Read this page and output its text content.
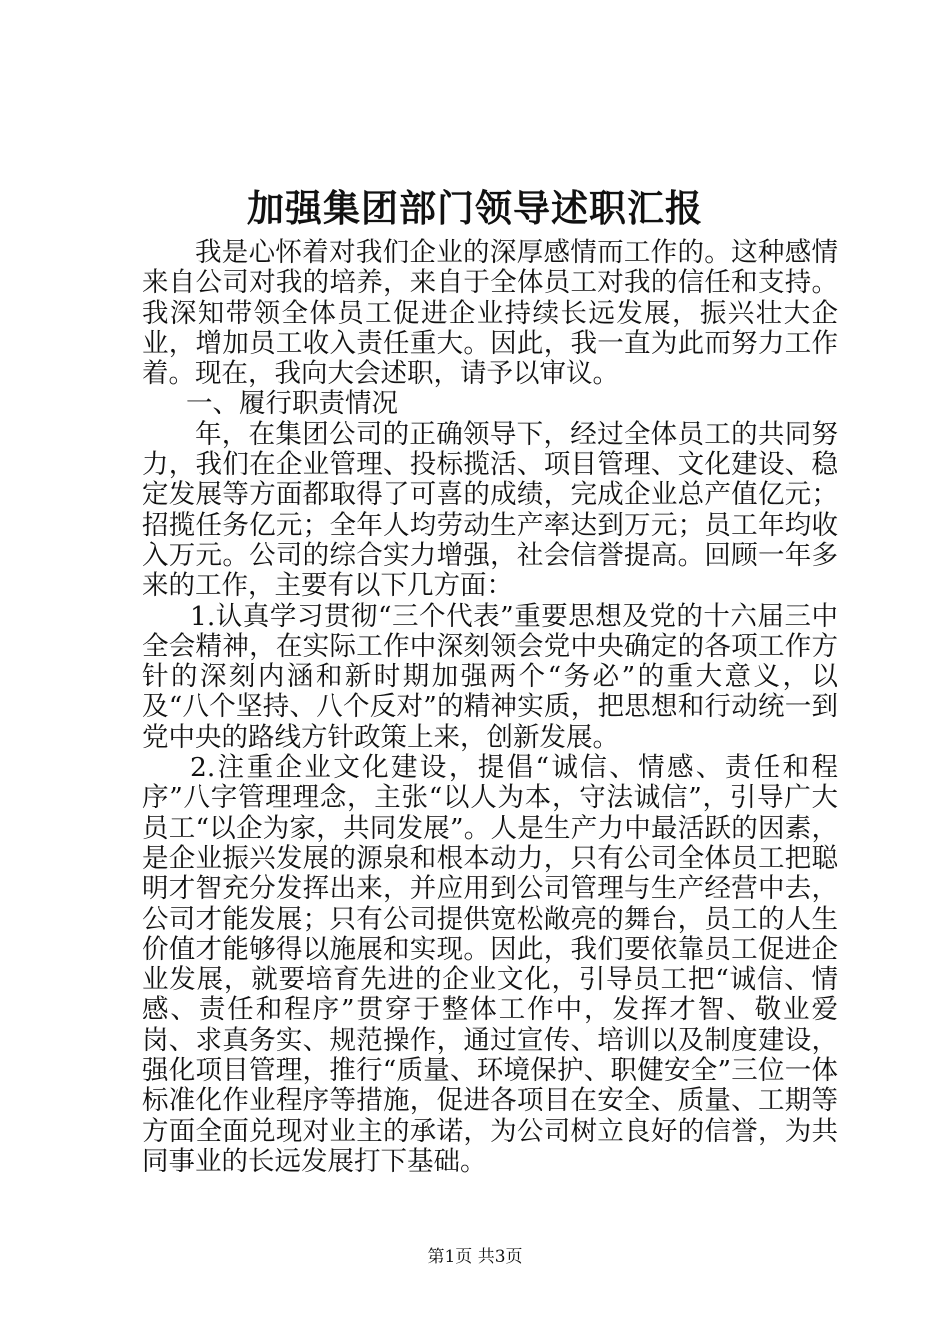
加强集团部门领导述职汇报

我是心怀着对我们企业的深厚感情而工作的。这种感情来自公司对我的培养，来自于全体员工对我的信任和支持。我深知带领全体员工促进企业持续长远发展，振兴壮大企业，增加员工收入责任重大。因此，我一直为此而努力工作着。现在，我向大会述职，请予以审议。

一、履行职责情况

年，在集团公司的正确领导下，经过全体员工的共同努力，我们在企业管理、投标揽活、项目管理、文化建设、稳定发展等方面都取得了可喜的成绩，完成企业总产值亿元；招揽任务亿元；全年人均劳动生产率达到万元；员工年均收入万元。公司的综合实力增强，社会信誉提高。回顾一年多来的工作，主要有以下几方面：

1.认真学习贯彻“三个代表”重要思想及党的十六届三中全会精神，在实际工作中深刻领会党中央确定的各项工作方针的深刻内涵和新时期加强两个“务必”的重大意义，以及“八个坚持、八个反对”的精神实质，把思想和行动统一到党中央的路线方针政策上来，创新发展。

2.注重企业文化建设，提倡“诚信、情感、责任和程序”八字管理理念，主张“以人为本，守法诚信”，引导广大员工“以企为家，共同发展”。人是生产力中最活跃的因素，是企业振兴发展的源泉和根本动力，只有公司全体员工把聪明才智充分发挥出来，并应用到公司管理与生产经营中去，公司才能发展；只有公司提供宽松敞亮的舞台，员工的人生价值才能够得以施展和实现。因此，我们要依靠员工促进企业发展，就要培育先进的企业文化，引导员工把“诚信、情感、责任和程序”贯穿于整体工作中，发挥才智、敬业爱岗、求真务实、规范操作，通过宣传、培训以及制度建设，强化项目管理，推行“质量、环境保护、职健安全”三位一体标准化作业程序等措施，促进各项目在安全、质量、工期等方面全面兑现对业主的承诺，为公司树立良好的信誉，为共同事业的长远发展打下基础。

第1页 共3页
